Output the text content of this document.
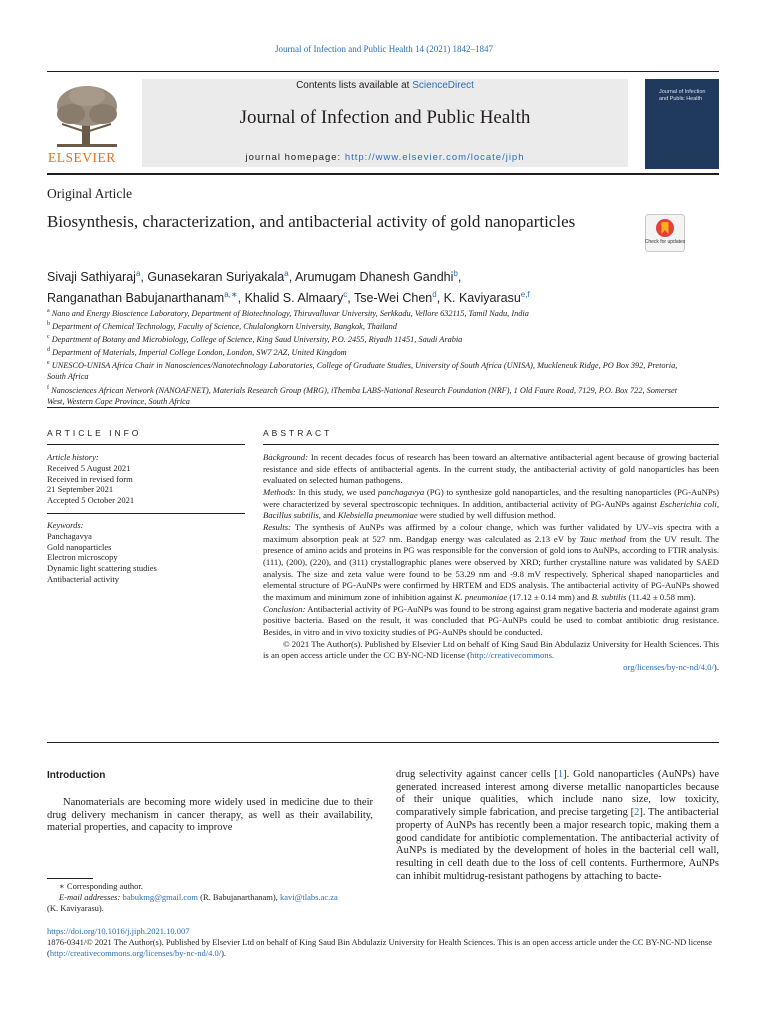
Journal of Infection and Public Health 14 (2021) 1842–1847
ELSEVIER
Contents lists available at ScienceDirect
Journal of Infection and Public Health
journal homepage: http://www.elsevier.com/locate/jiph
Journal of Infection and Public Health
Original Article
Biosynthesis, characterization, and antibacterial activity of gold nanoparticles
Check for updates
Sivaji Sathiyaraj$^a$, Gunasekaran Suriyakala$^a$, Arumugam Dhanesh Gandhi$^b$,
Ranganathan Babujanarthanam$^{a,∗}$, Khalid S. Almaary$^c$, Tse-Wei Chen$^d$, K. Kaviyarasu$^{e,f}$
$^a$ Nano and Energy Bioscience Laboratory, Department of Biotechnology, Thiruvalluvar University, Serkkadu, Vellore 632115, Tamil Nadu, India
$^b$ Department of Chemical Technology, Faculty of Science, Chulalongkorn University, Bangkok, Thailand
$^c$ Department of Botany and Microbiology, College of Science, King Saud University, P.O. 2455, Riyadh 11451, Saudi Arabia
$^d$ Department of Materials, Imperial College London, London, SW7 2AZ, United Kingdom
$^e$ UNESCO-UNISA Africa Chair in Nanosciences/Nanotechnology Laboratories, College of Graduate Studies, University of South Africa (UNISA), Muckleneuk Ridge, PO Box 392, Pretoria, South Africa
$^f$ Nanosciences African Network (NANOAFNET), Materials Research Group (MRG), iThemba LABS-National Research Foundation (NRF), 1 Old Faure Road, 7129, P.O. Box 722, Somerset West, Western Cape Province, South Africa
ARTICLE INFO
Article history:
Received 5 August 2021
Received in revised form
21 September 2021
Accepted 5 October 2021
Keywords:
Panchagavya
Gold nanoparticles
Electron microscopy
Dynamic light scattering studies
Antibacterial activity
ABSTRACT

Background: In recent decades focus of research has been toward an alternative antibacterial agent because of growing bacterial resistance and side effects of antibacterial agents. In the current study, the antibacterial activity of gold nanoparticles has been evaluated on selected human pathogens.

Methods: In this study, we used panchagavya (PG) to synthesize gold nanoparticles, and the resulting nanoparticles (PG-AuNPs) were characterized by several spectroscopic techniques. In addition, antibacterial activity of PG-AuNPs against Escherichia coli, Bacillus subtilis, and Klebsiella pneumoniae were studied by well diffusion method.

Results: The synthesis of AuNPs was affirmed by a colour change, which was further validated by UV–vis spectra with a maximum absorption peak at 527 nm. Bandgap energy was calculated as 2.13 eV by Tauc method from the UV result. The presence of amino acids and proteins in PG was responsible for the conversion of gold ions to AuNPs, according to FTIR analysis. (111), (200), (220), and (311) crystallographic planes were observed by XRD; further crystalline nature was validated by SAED analysis. The size and zeta value were found to be 53.29 nm and -9.8 mV respectively. Spherical shaped nanoparticles and elemental structure of PG-AuNPs were confirmed by HRTEM and EDS analysis. The antibacterial activity of PG-AuNPs showed the maximum and minimum zone of inhibition against K. pneumoniae (17.12 ± 0.14 mm) and B. subtilis (11.42 ± 0.58 mm).

Conclusion: Antibacterial activity of PG-AuNPs was found to be strong against gram negative bacteria and moderate against gram positive bacteria. Based on the result, it was concluded that PG-AuNPs could be used to combat antibiotic drug resistance. Besides, in vitro and in vivo toxicity studies of PG-AuNPs should be conducted.

© 2021 The Author(s). Published by Elsevier Ltd on behalf of King Saud Bin Abdulaziz University for Health Sciences. This is an open access article under the CC BY-NC-ND license (http://creativecommons.

org/licenses/by-nc-nd/4.0/).

Introduction
Nanomaterials are becoming more widely used in medicine due to their drug delivery mechanism in cancer therapy, as well as their availability, material properties, and capacity to improve
drug selectivity against cancer cells [1]. Gold nanoparticles (AuNPs) have generated increased interest among diverse metallic nanoparticles because of their unique qualities, which include nano size, low toxicity, comparatively simple fabrication, and precise targeting [2]. The antibacterial property of AuNPs has recently been a major research topic, making them a good candidate for antibiotic complementation. The antibacterial activity of AuNPs is mediated by the development of holes in the bacterial cell wall, resulting in cell death due to the loss of cell contents. Furthermore, AuNPs can inhibit multidrug-resistant pathogens by attaching to bacte-
∗ Corresponding author.
E-mail addresses: babukmg@gmail.com (R. Babujanarthanam), kavi@tlabs.ac.za
(K. Kaviyarasu).
https://doi.org/10.1016/j.jiph.2021.10.007
1876-0341/© 2021 The Author(s). Published by Elsevier Ltd on behalf of King Saud Bin Abdulaziz University for Health Sciences. This is an open access article under the CC BY-NC-ND license (http://creativecommons.org/licenses/by-nc-nd/4.0/).
